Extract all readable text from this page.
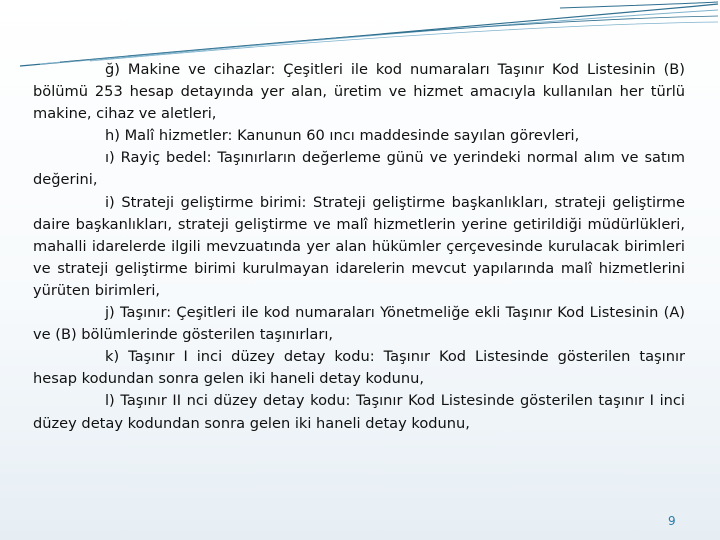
ğ) Makine ve cihazlar: Çeşitleri ile kod numaraları Taşınır Kod Listesinin (B) bölümü 253 hesap detayında yer alan, üretim ve hizmet amacıyla kullanılan her türlü makine, cihaz ve aletleri,

h) Malî hizmetler: Kanunun 60 ıncı maddesinde sayılan görevleri,

ı) Rayiç bedel: Taşınırların değerleme günü ve yerindeki normal alım ve satım değerini,

i) Strateji geliştirme birimi: Strateji geliştirme başkanlıkları, strateji geliştirme daire başkanlıkları, strateji geliştirme ve malî hizmetlerin yerine getirildiği müdürlükleri, mahalli idarelerde ilgili mevzuatında yer alan hükümler çerçevesinde kurulacak birimleri ve strateji geliştirme birimi kurulmayan idarelerin mevcut yapılarında malî hizmetlerini yürüten birimleri,

j) Taşınır: Çeşitleri ile kod numaraları Yönetmeliğe ekli Taşınır Kod Listesinin (A) ve (B) bölümlerinde gösterilen taşınırları,

k) Taşınır I inci düzey detay kodu: Taşınır Kod Listesinde gösterilen taşınır hesap kodundan sonra gelen iki haneli detay kodunu,

l) Taşınır II nci düzey detay kodu: Taşınır Kod Listesinde gösterilen taşınır I inci düzey detay kodundan sonra gelen iki haneli detay kodunu,

9
